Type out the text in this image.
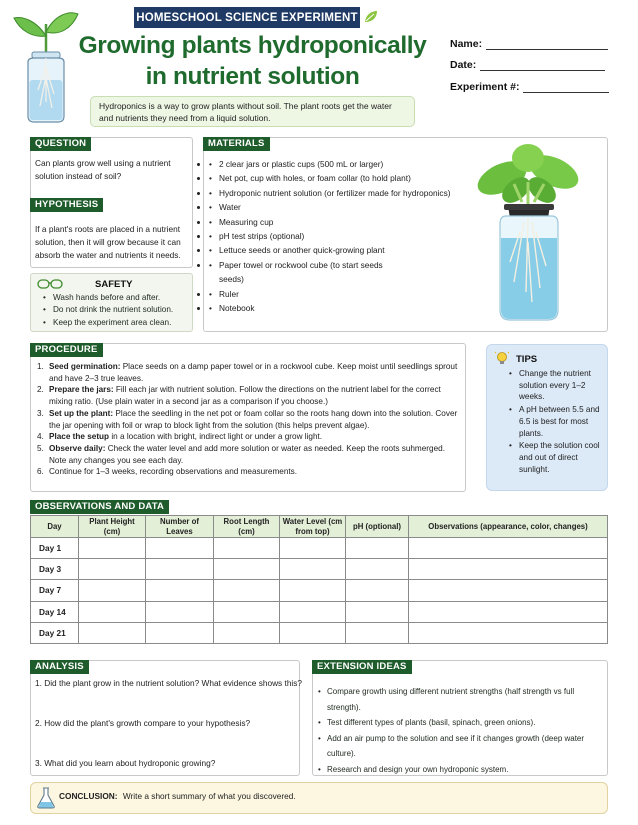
HOMESCHOOL SCIENCE EXPERIMENT
Growing plants hydroponically
in nutrient solution
Hydroponics is a way to grow plants without soil. The plant roots get the water and nutrients they need from a liquid solution.
Name:
Date:
Experiment #:
QUESTION
Can plants grow well using a nutrient solution instead of soil?
HYPOTHESIS
If a plant's roots are placed in a nutrient solution, then it will grow because it can absorb the water and nutrients it needs.
SAFETY
• Wash hands before and after.
• Do not drink the nutrient solution.
• Keep the experiment area clean.
MATERIALS
• • 2 clear jars or plastic cups (500 mL or larger)
• • Net pot, cup with holes, or foam collar (to hold plant)
• • Hydroponic nutrient solution (or fertilizer made for hydroponics)
• • Water
• • Measuring cup
• • pH test strips (optional)
• • Lettuce seeds or another quick-growing plant
• • Paper towel or rockwool cube (to start seeds seeds)
• • Ruler
• • Notebook
PROCEDURE
1. Seed germination: Place seeds on a damp paper towel or in a rockwool cube. Keep moist until seedlings sprout and have 2–3 true leaves.
2. Prepare the jars: Fill each jar with nutrient solution. Follow the directions on the nutrient label for the correct mixing ratio. (Use plain water in a second jar as a comparison if you choose.)
3. Set up the plant: Place the seedling in the net pot or foam collar so the roots hang down into the solution. Cover the jar opening with foil or wrap to block light from the solution (this helps prevent algae).
4. Place the setup in a location with bright, indirect light or under a grow light.
5. Observe daily: Check the water level and add more solution or water as needed. Keep the roots suhmerged. Note any changes you see each day.
6. Continue for 1–3 weeks, recording observations and measurements.
TIPS
• Change the nutrient solution every 1–2 weeks.
• A pH between 5.5 and 6.5 is best for most plants.
• Keep the solution cool and out of direct sunlight.
OBSERVATIONS AND DATA
Day	Plant Height (cm)	Number of Leaves	Root Length (cm)	Water Level (cm from top)	pH (optional)	Observations (appearance, color, changes)
Day 1						
Day 3						
Day 7						
Day 14						
Day 21						
ANALYSIS
1. Did the plant grow in the nutrient solution? What evidence shows this?
2. How did the plant's growth compare to your hypothesis?
3. What did you learn about hydroponic growing?
EXTENSION IDEAS
• Compare growth using different nutrient strengths (half strength vs full strength).
• Test different types of plants (basil, spinach, green onions).
• Add an air pump to the solution and see if it changes growth (deep water culture).
• Research and design your own hydroponic system.
CONCLUSION: Write a short summary of what you discovered.
